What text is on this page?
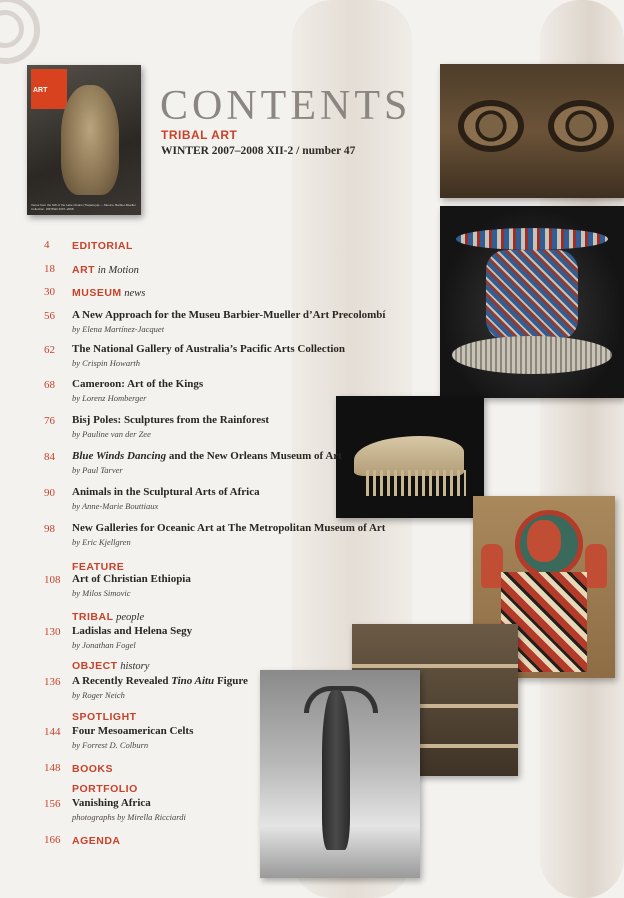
ART
Venus from the SW of the Lake Chalco (Tlapacoya) — Mexico. Barbier-Mueller Collection. WINTER 2007–2008
CONTENTS
TRIBAL ART
WINTER 2007–2008 XII-2 / number 47
4 EDITORIAL
18 ART in Motion
30 MUSEUM news
56 A New Approach for the Museu Barbier-Mueller d’Art Precolombí
by Elena Martínez-Jacquet
62 The National Gallery of Australia’s Pacific Arts Collection
by Crispin Howarth
68 Cameroon: Art of the Kings
by Lorenz Homberger
76 Bisj Poles: Sculptures from the Rainforest
by Pauline van der Zee
84 Blue Winds Dancing and the New Orleans Museum of Art
by Paul Tarver
90 Animals in the Sculptural Arts of Africa
by Anne-Marie Bouttiaux
98 New Galleries for Oceanic Art at The Metropolitan Museum of Art
by Eric Kjellgren
FEATURE
108 Art of Christian Ethiopia
by Milos Simovic
TRIBAL people
130 Ladislas and Helena Segy
by Jonathan Fogel
OBJECT history
136 A Recently Revealed Tino Aitu Figure
by Roger Neich
SPOTLIGHT
144 Four Mesoamerican Celts
by Forrest D. Colburn
148 BOOKS
PORTFOLIO
156 Vanishing Africa
photographs by Mirella Ricciardi
166 AGENDA
